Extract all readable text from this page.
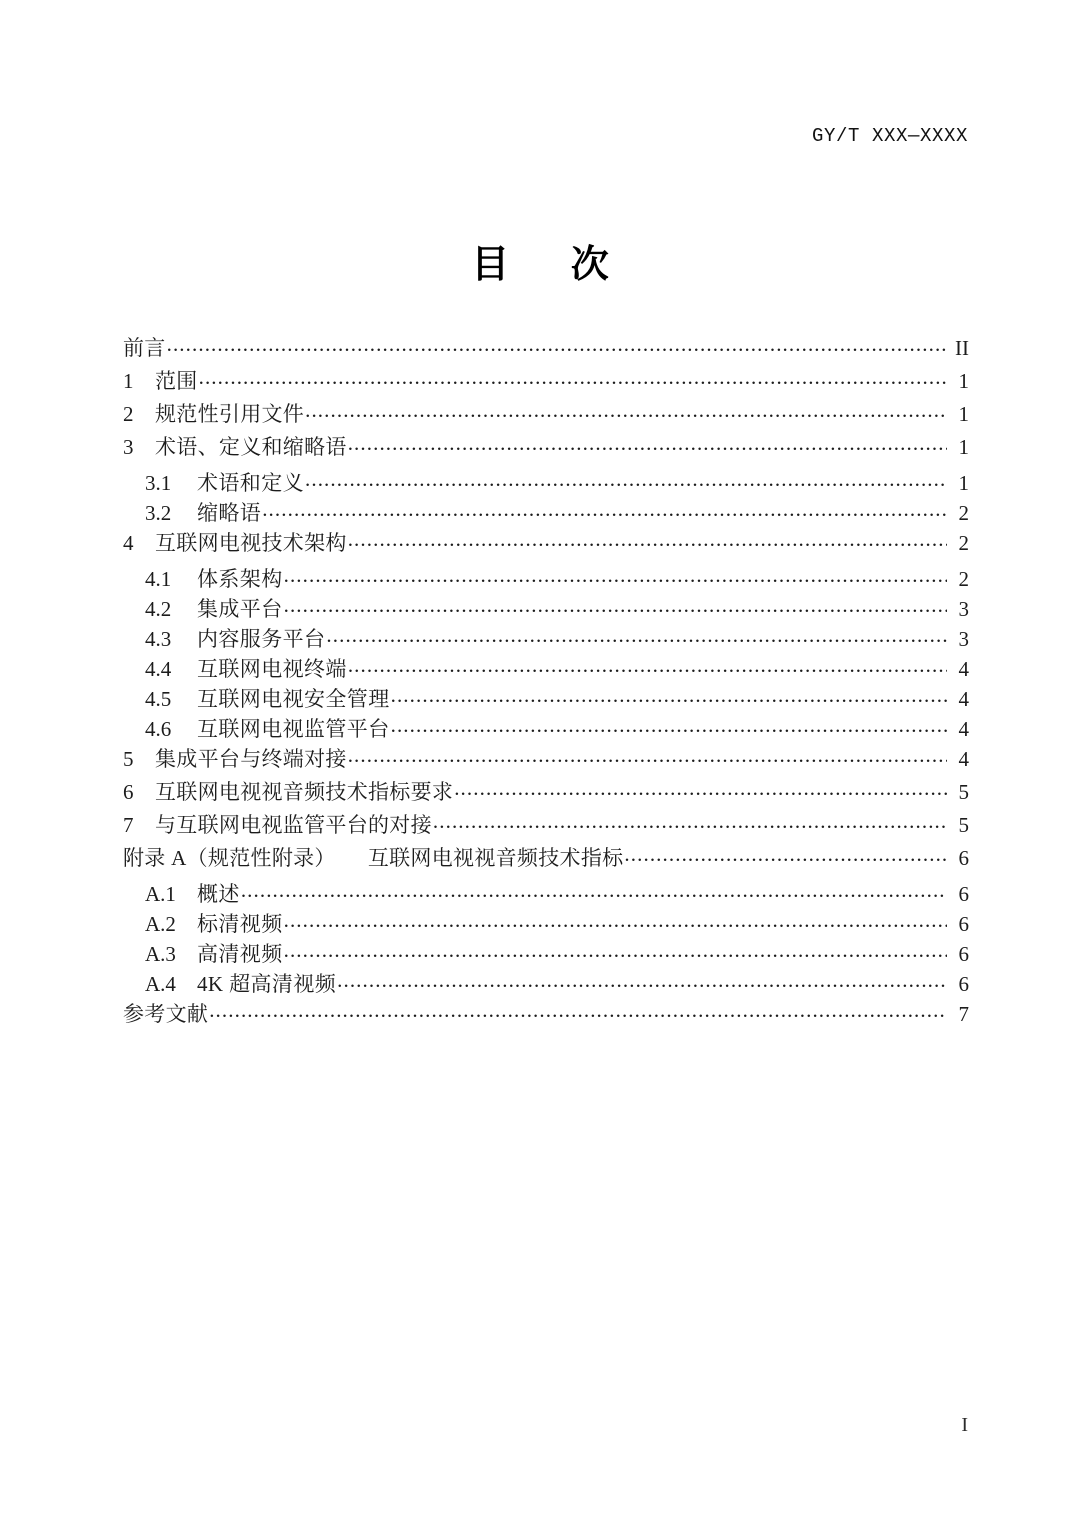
GY/T XXX—XXXX
目 次
前言 .....	II
1	范围 .....	1
2	规范性引用文件 .....	1
3	术语、定义和缩略语 .....	1
3.1	术语和定义 .....	1
3.2	缩略语 .....	2
4	互联网电视技术架构 .....	2
4.1	体系架构 .....	2
4.2	集成平台 .....	3
4.3	内容服务平台 .....	3
4.4	互联网电视终端 .....	4
4.5	互联网电视安全管理 .....	4
4.6	互联网电视监管平台 .....	4
5	集成平台与终端对接 .....	4
6	互联网电视视音频技术指标要求 .....	5
7	与互联网电视监管平台的对接 .....	5
附录 A（规范性附录）　　互联网电视视音频技术指标 .....	6
A.1	概述 .....	6
A.2	标清视频 .....	6
A.3	高清视频 .....	6
A.4	4K 超高清视频 .....	6
参考文献 .....	7
I
